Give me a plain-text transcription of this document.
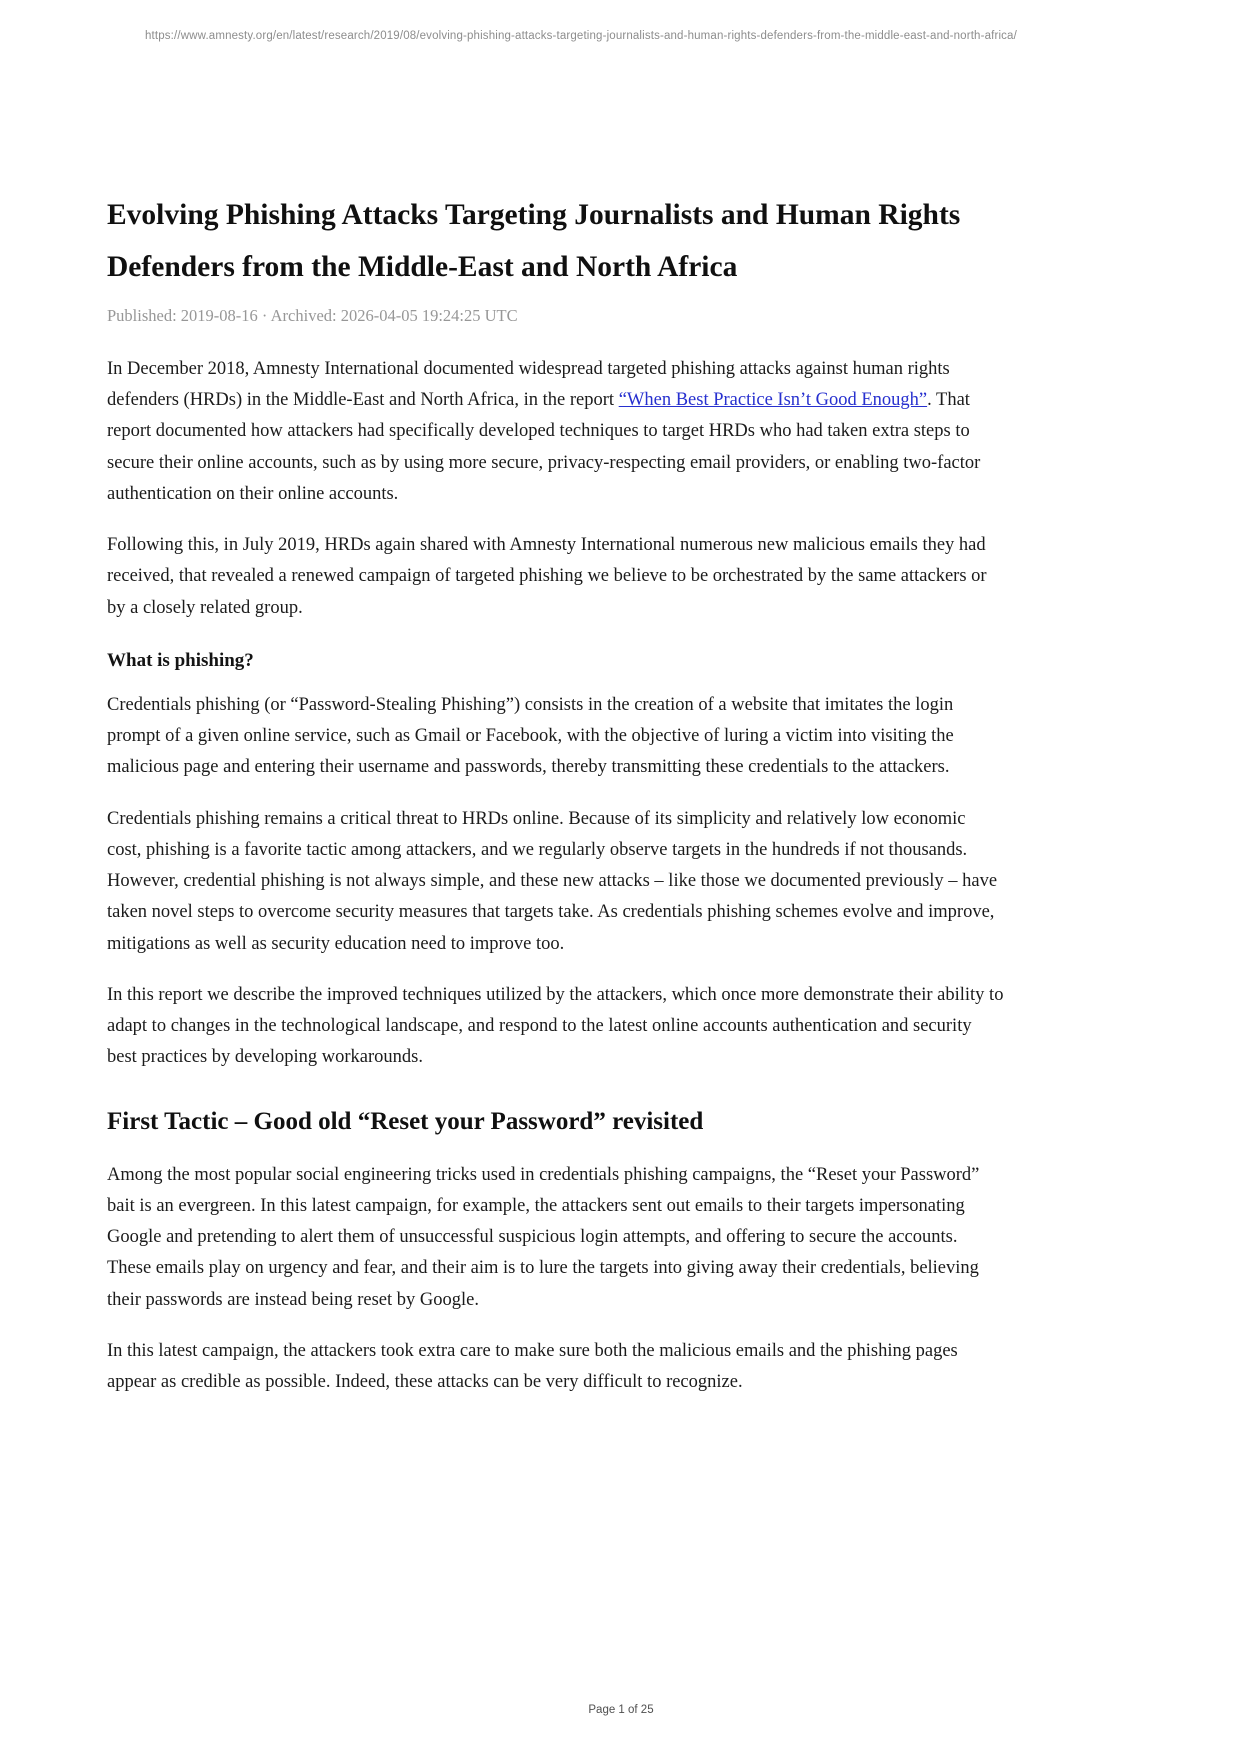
https://www.amnesty.org/en/latest/research/2019/08/evolving-phishing-attacks-targeting-journalists-and-human-rights-defenders-from-the-middle-east-and-north-africa/
Evolving Phishing Attacks Targeting Journalists and Human Rights Defenders from the Middle-East and North Africa
Published: 2019-08-16 · Archived: 2026-04-05 19:24:25 UTC

In December 2018, Amnesty International documented widespread targeted phishing attacks against human rights defenders (HRDs) in the Middle-East and North Africa, in the report “When Best Practice Isn’t Good Enough”. That report documented how attackers had specifically developed techniques to target HRDs who had taken extra steps to secure their online accounts, such as by using more secure, privacy-respecting email providers, or enabling two-factor authentication on their online accounts.

Following this, in July 2019, HRDs again shared with Amnesty International numerous new malicious emails they had received, that revealed a renewed campaign of targeted phishing we believe to be orchestrated by the same attackers or by a closely related group.

What is phishing?

Credentials phishing (or “Password-Stealing Phishing”) consists in the creation of a website that imitates the login prompt of a given online service, such as Gmail or Facebook, with the objective of luring a victim into visiting the malicious page and entering their username and passwords, thereby transmitting these credentials to the attackers.

Credentials phishing remains a critical threat to HRDs online. Because of its simplicity and relatively low economic cost, phishing is a favorite tactic among attackers, and we regularly observe targets in the hundreds if not thousands. However, credential phishing is not always simple, and these new attacks – like those we documented previously – have taken novel steps to overcome security measures that targets take. As credentials phishing schemes evolve and improve, mitigations as well as security education need to improve too.

In this report we describe the improved techniques utilized by the attackers, which once more demonstrate their ability to adapt to changes in the technological landscape, and respond to the latest online accounts authentication and security best practices by developing workarounds.

First Tactic – Good old “Reset your Password” revisited

Among the most popular social engineering tricks used in credentials phishing campaigns, the “Reset your Password” bait is an evergreen. In this latest campaign, for example, the attackers sent out emails to their targets impersonating Google and pretending to alert them of unsuccessful suspicious login attempts, and offering to secure the accounts. These emails play on urgency and fear, and their aim is to lure the targets into giving away their credentials, believing their passwords are instead being reset by Google.

In this latest campaign, the attackers took extra care to make sure both the malicious emails and the phishing pages appear as credible as possible. Indeed, these attacks can be very difficult to recognize.

Page 1 of 25
